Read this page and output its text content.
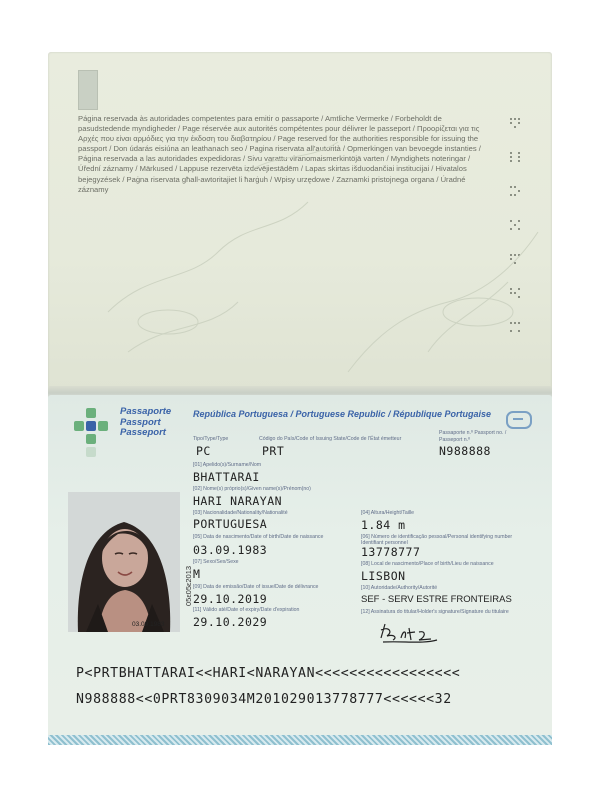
Página reservada às autoridades competentes para emitir o passaporte / Amtliche Vermerke / Forbeholdt de pasudstedende myndigheder / Page réservée aux autorités compétentes pour délivrer le passeport / Προορίζεται για τις Αρχές που είναι αρμόδιες για την έκδοση του διαβατηρίου / Page reserved for the authorities responsible for issuing the passport / Don údarás eisiúna an leathanach seo / Pagina riservata all'autorità / Opmerkingen van bevoegde instanties / Página reservada a las autoridades expedidoras / Sivu varattu viranomaismerkintöjä varten / Myndighets noteringar / Úřední záznamy / Märkused / Lappuse rezervēta izdevējiestādēm / Lapas skirtas išduodančiai institucijai / Hivatalos bejegyzések / Paġna riservata għall-awtoritajiet li ħarġuh / Wpisy urzędowe / Zaznamki pristojnega organa / Úradné záznamy
Passaporte
Passport
Passeport
República Portuguesa / Portuguese Republic / République Portugaise
Tipo/Type/Type	Código do País/Code of Issuing State/Code de l'État émetteur
Passaporte n.º Passport no. / Passeport n.º
PC	PRT	N988888
[01] Apelido(s)/Surname/Nom
BHATTARAI
[02] Nome(s) próprio(s)/Given name(s)/Prénom(no)
HARI NARAYAN
[03] Nacionalidade/Nationality/Nationalité
PORTUGUESA
[04] Altura/Height/Taille
1.84 m
[05] Data de nascimento/Date of birth/Date de naissance
03.09.1983
[06] Número de identificação pessoal/Personal identifying number Identifiant personnel
13778777
[07] Sexo/Sex/Sexe
M
[08] Local de nascimento/Place of birth/Lieu de naissance
LISBON
[09] Data de emissão/Date of issue/Date de délivrance
29.10.2019
[10] Autoridade/Authority/Autorité
SEF - SERV ESTRE FRONTEIRAS
[11] Válido até/Date of expiry/Date d'expiration
29.10.2029
[12] Assinatura do titular/Holder's signature/Signature du titulaire
05ε05ε2013
03.09.1983
P<PRTBHATTARAI<<HARI<NARAYAN<<<<<<<<<<<<<<<<<
N988888<<0PRT8309034M201029013778777<<<<<<32
